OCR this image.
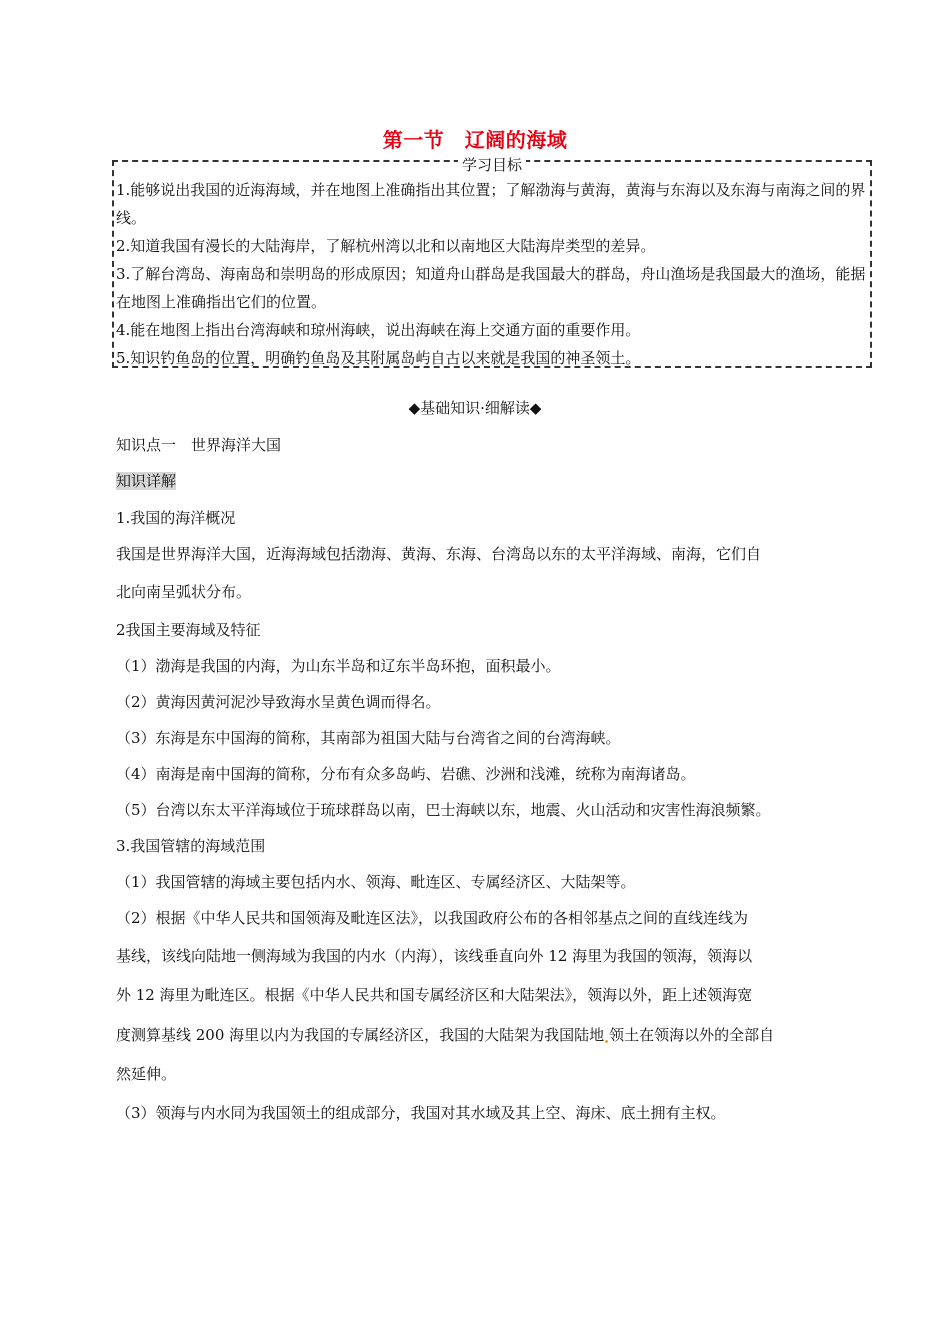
第一节　辽阔的海域
学习目标

1.能够说出我国的近海海域，并在地图上准确指出其位置；了解渤海与黄海，黄海与东海以及东海与南海之间的界线。

2.知道我国有漫长的大陆海岸，了解杭州湾以北和以南地区大陆海岸类型的差异。

3.了解台湾岛、海南岛和崇明岛的形成原因；知道舟山群岛是我国最大的群岛，舟山渔场是我国最大的渔场，能据在地图上准确指出它们的位置。

4.能在地图上指出台湾海峡和琼州海峡，说出海峡在海上交通方面的重要作用。

5.知识钓鱼岛的位置，明确钓鱼岛及其附属岛屿自古以来就是我国的神圣领土。

◆基础知识·细解读◆
知识点一　世界海洋大国
知识详解
1.我国的海洋概况
我国是世界海洋大国，近海海域包括渤海、黄海、东海、台湾岛以东的太平洋海域、南海，它们自
北向南呈弧状分布。
2我国主要海域及特征
（1）渤海是我国的内海，为山东半岛和辽东半岛环抱，面积最小。
（2）黄海因黄河泥沙导致海水呈黄色调而得名。
（3）东海是东中国海的简称，其南部为祖国大陆与台湾省之间的台湾海峡。
（4）南海是南中国海的简称，分布有众多岛屿、岩礁、沙洲和浅滩，统称为南海诸岛。
（5）台湾以东太平洋海域位于琉球群岛以南，巴士海峡以东，地震、火山活动和灾害性海浪频繁。
3.我国管辖的海域范围
（1）我国管辖的海域主要包括内水、领海、毗连区、专属经济区、大陆架等。
（2）根据《中华人民共和国领海及毗连区法》，以我国政府公布的各相邻基点之间的直线连线为
基线，该线向陆地一侧海域为我国的内水（内海），该线垂直向外 12 海里为我国的领海，领海以
外 12 海里为毗连区。根据《中华人民共和国专属经济区和大陆架法》，领海以外，距上述领海宽
度测算基线 200 海里以内为我国的专属经济区，我国的大陆架为我国陆地 领土在领海以外的全部自
然延伸。
（3）领海与内水同为我国领土的组成部分，我国对其水域及其上空、海床、底土拥有主权。
